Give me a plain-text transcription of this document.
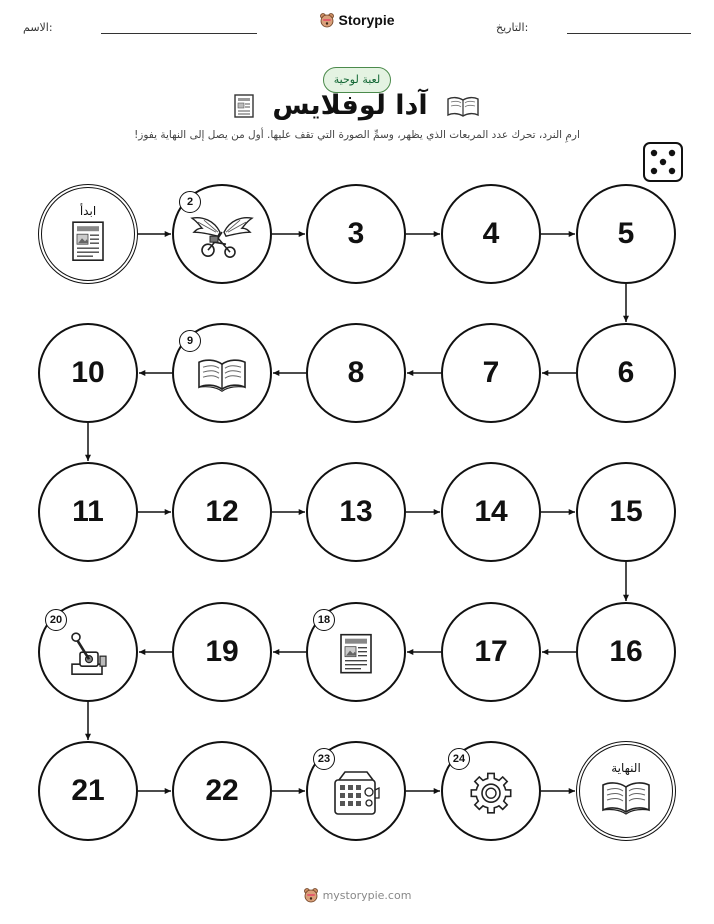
الاسم:	Storypie	التاريخ:
لعبة لوحية
آدا لوفلايس
ارمِ النرد، تحرك عدد المربعات الذي يظهر، وسمِّ الصورة التي تقف عليها. أول من يصل إلى النهاية يفوز!
ابدأ
2
3	4	5
6
7
8
9
10
11	12	13	14	15
16
17
18
19
20
21	22
23	24
النهاية
mystorypie.com
